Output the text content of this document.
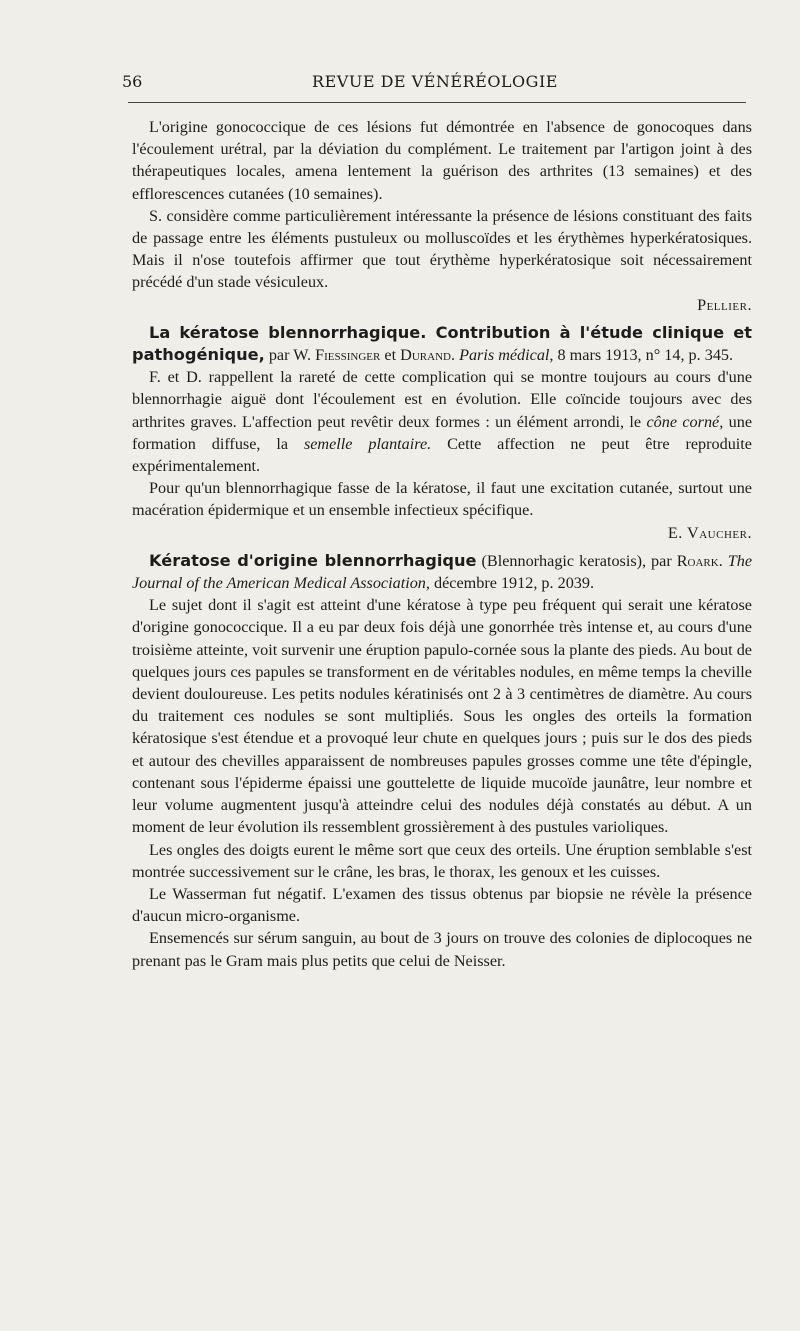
56	REVUE DE VÉNÉRÉOLOGIE

L'origine gonococcique de ces lésions fut démontrée en l'absence de gonocoques dans l'écoulement urétral, par la déviation du complément. Le traitement par l'artigon joint à des thérapeutiques locales, amena lentement la guérison des arthrites (13 semaines) et des efflorescences cutanées (10 semaines).

S. considère comme particulièrement intéressante la présence de lésions constituant des faits de passage entre les éléments pustuleux ou molluscoïdes et les érythèmes hyperkératosiques. Mais il n'ose toutefois affirmer que tout érythème hyperkératosique soit nécessairement précédé d'un stade vésiculeux.

Pellier.

La kératose blennorrhagique. Contribution à l'étude clinique et pathogénique, par W. Fiessinger et Durand. Paris médical, 8 mars 1913, n° 14, p. 345.

F. et D. rappellent la rareté de cette complication qui se montre toujours au cours d'une blennorrhagie aiguë dont l'écoulement est en évolution. Elle coïncide toujours avec des arthrites graves. L'affection peut revêtir deux formes : un élément arrondi, le cône corné, une formation diffuse, la semelle plantaire. Cette affection ne peut être reproduite expérimentalement.

Pour qu'un blennorrhagique fasse de la kératose, il faut une excitation cutanée, surtout une macération épidermique et un ensemble infectieux spécifique.

E. Vaucher.

Kératose d'origine blennorrhagique (Blennorhagic keratosis), par Roark. The Journal of the American Medical Association, décembre 1912, p. 2039.

Le sujet dont il s'agit est atteint d'une kératose à type peu fréquent qui serait une kératose d'origine gonococcique. Il a eu par deux fois déjà une gonorrhée très intense et, au cours d'une troisième atteinte, voit survenir une éruption papulo-cornée sous la plante des pieds. Au bout de quelques jours ces papules se transforment en de véritables nodules, en même temps la cheville devient douloureuse. Les petits nodules kératinisés ont 2 à 3 centimètres de diamètre. Au cours du traitement ces nodules se sont multipliés. Sous les ongles des orteils la formation kératosique s'est étendue et a provoqué leur chute en quelques jours ; puis sur le dos des pieds et autour des chevilles apparaissent de nombreuses papules grosses comme une tête d'épingle, contenant sous l'épiderme épaissi une gouttelette de liquide mucoïde jaunâtre, leur nombre et leur volume augmentent jusqu'à atteindre celui des nodules déjà constatés au début. A un moment de leur évolution ils ressemblent grossièrement à des pustules varioliques.

Les ongles des doigts eurent le même sort que ceux des orteils. Une éruption semblable s'est montrée successivement sur le crâne, les bras, le thorax, les genoux et les cuisses.

Le Wasserman fut négatif. L'examen des tissus obtenus par biopsie ne révèle la présence d'aucun micro-organisme.

Ensemencés sur sérum sanguin, au bout de 3 jours on trouve des colonies de diplocoques ne prenant pas le Gram mais plus petits que celui de Neisser.
